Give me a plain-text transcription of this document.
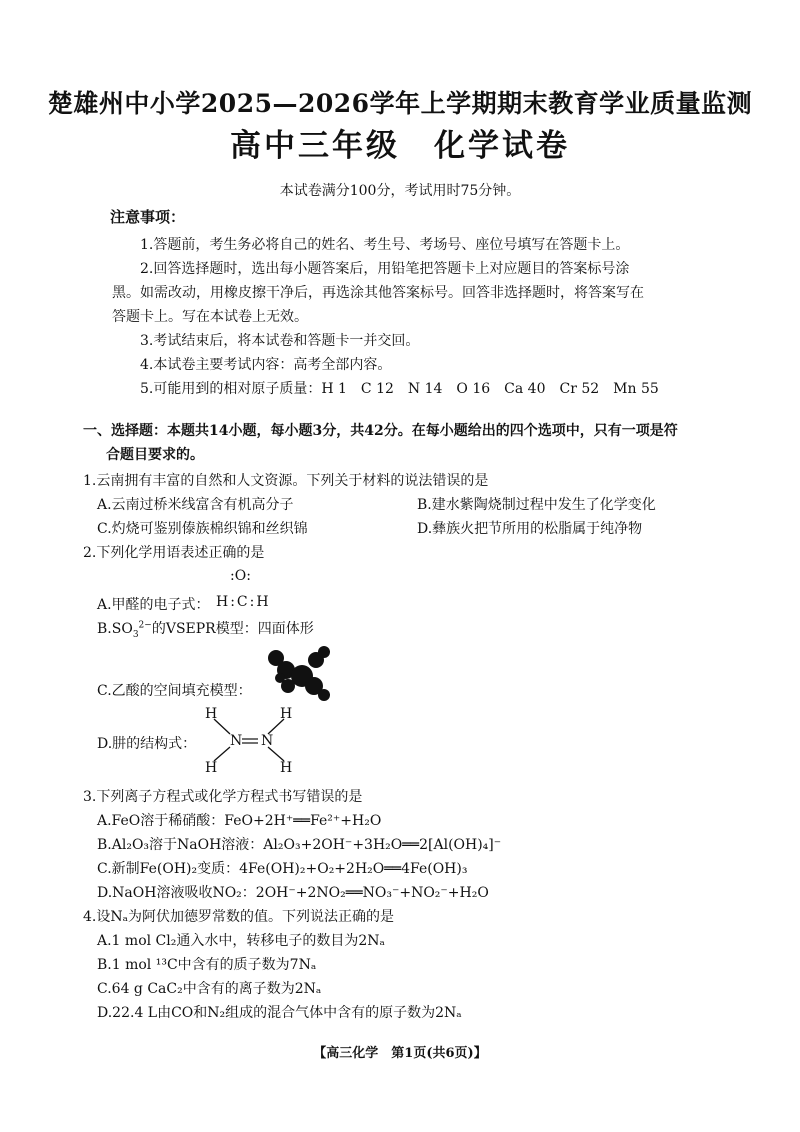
楚雄州中小学2025—2026学年上学期期末教育学业质量监测
高中三年级　化学试卷
本试卷满分100分，考试用时75分钟。
注意事项：
1.答题前，考生务必将自己的姓名、考生号、考场号、座位号填写在答题卡上。
2.回答选择题时，选出每小题答案后，用铅笔把答题卡上对应题目的答案标号涂
黑。如需改动，用橡皮擦干净后，再选涂其他答案标号。回答非选择题时，将答案写在
答题卡上。写在本试卷上无效。
3.考试结束后，将本试卷和答题卡一并交回。
4.本试卷主要考试内容：高考全部内容。
5.可能用到的相对原子质量：H 1　C 12　N 14　O 16　Ca 40　Cr 52　Mn 55
一、选择题：本题共14小题，每小题3分，共42分。在每小题给出的四个选项中，只有一项是符
合题目要求的。
1.云南拥有丰富的自然和人文资源。下列关于材料的说法错误的是
A.云南过桥米线富含有机高分子	B.建水紫陶烧制过程中发生了化学变化
C.灼烧可鉴别傣族棉织锦和丝织锦	D.彝族火把节所用的松脂属于纯净物
2.下列化学用语表述正确的是
:O:
A.甲醛的电子式： H:C:H
$B.SO_3^{2-}$的VSEPR模型：四面体形
C.乙酸的空间填充模型：
D.肼的结构式：
H	H
H	H
N N
3.下列离子方程式或化学方程式书写错误的是
A.FeO溶于稀硝酸：FeO+2H⁺══Fe²⁺+H₂O
B.Al₂O₃溶于NaOH溶液：Al₂O₃+2OH⁻+3H₂O══2[Al(OH)₄]⁻
C.新制Fe(OH)₂变质：4Fe(OH)₂+O₂+2H₂O══4Fe(OH)₃
D.NaOH溶液吸收NO₂：2OH⁻+2NO₂══NO₃⁻+NO₂⁻+H₂O
4.设Nₐ为阿伏加德罗常数的值。下列说法正确的是
A.1 mol Cl₂通入水中，转移电子的数目为2Nₐ
B.1 mol ¹³C中含有的质子数为7Nₐ
C.64 g CaC₂中含有的离子数为2Nₐ
D.22.4 L由CO和N₂组成的混合气体中含有的原子数为2Nₐ
【高三化学　第1页(共6页)】
